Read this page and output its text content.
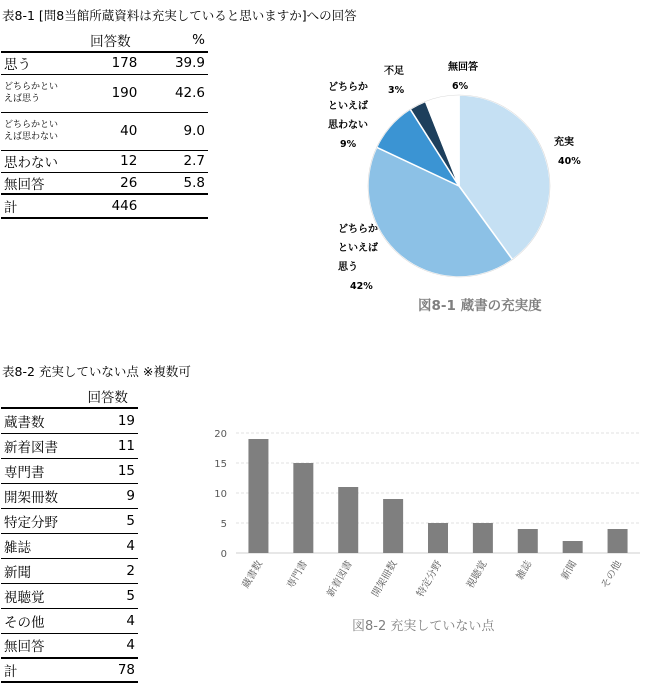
表8-1 [問8当館所蔵資料は充実していると思いますか]への回答
	回答数	%
思う	178	39.9

どちらかとい
えば思う	190	42.6

どちらかとい
えば思わない	40	9.0
思わない	12	2.7
無回答	26	5.8
計	446	
充実 40%
どちらかといえば思う 42%
どちらかといえば思わない 9%
不足 3%
無回答 6%
図8-1 蔵書の充実度
表8-2 充実していない点 ※複数可
	回答数
蔵書数	19
新着図書	11
専門書	15
開架冊数	9
特定分野	5
雑誌	4
新聞	2
視聴覚	5
その他	4
無回答	4
計	78
0
5
10
15
20
蔵書数 専門書 新着図書 開架冊数 特定分野 視聴覚	雑誌	新聞 その他
図8-2 充実していない点
